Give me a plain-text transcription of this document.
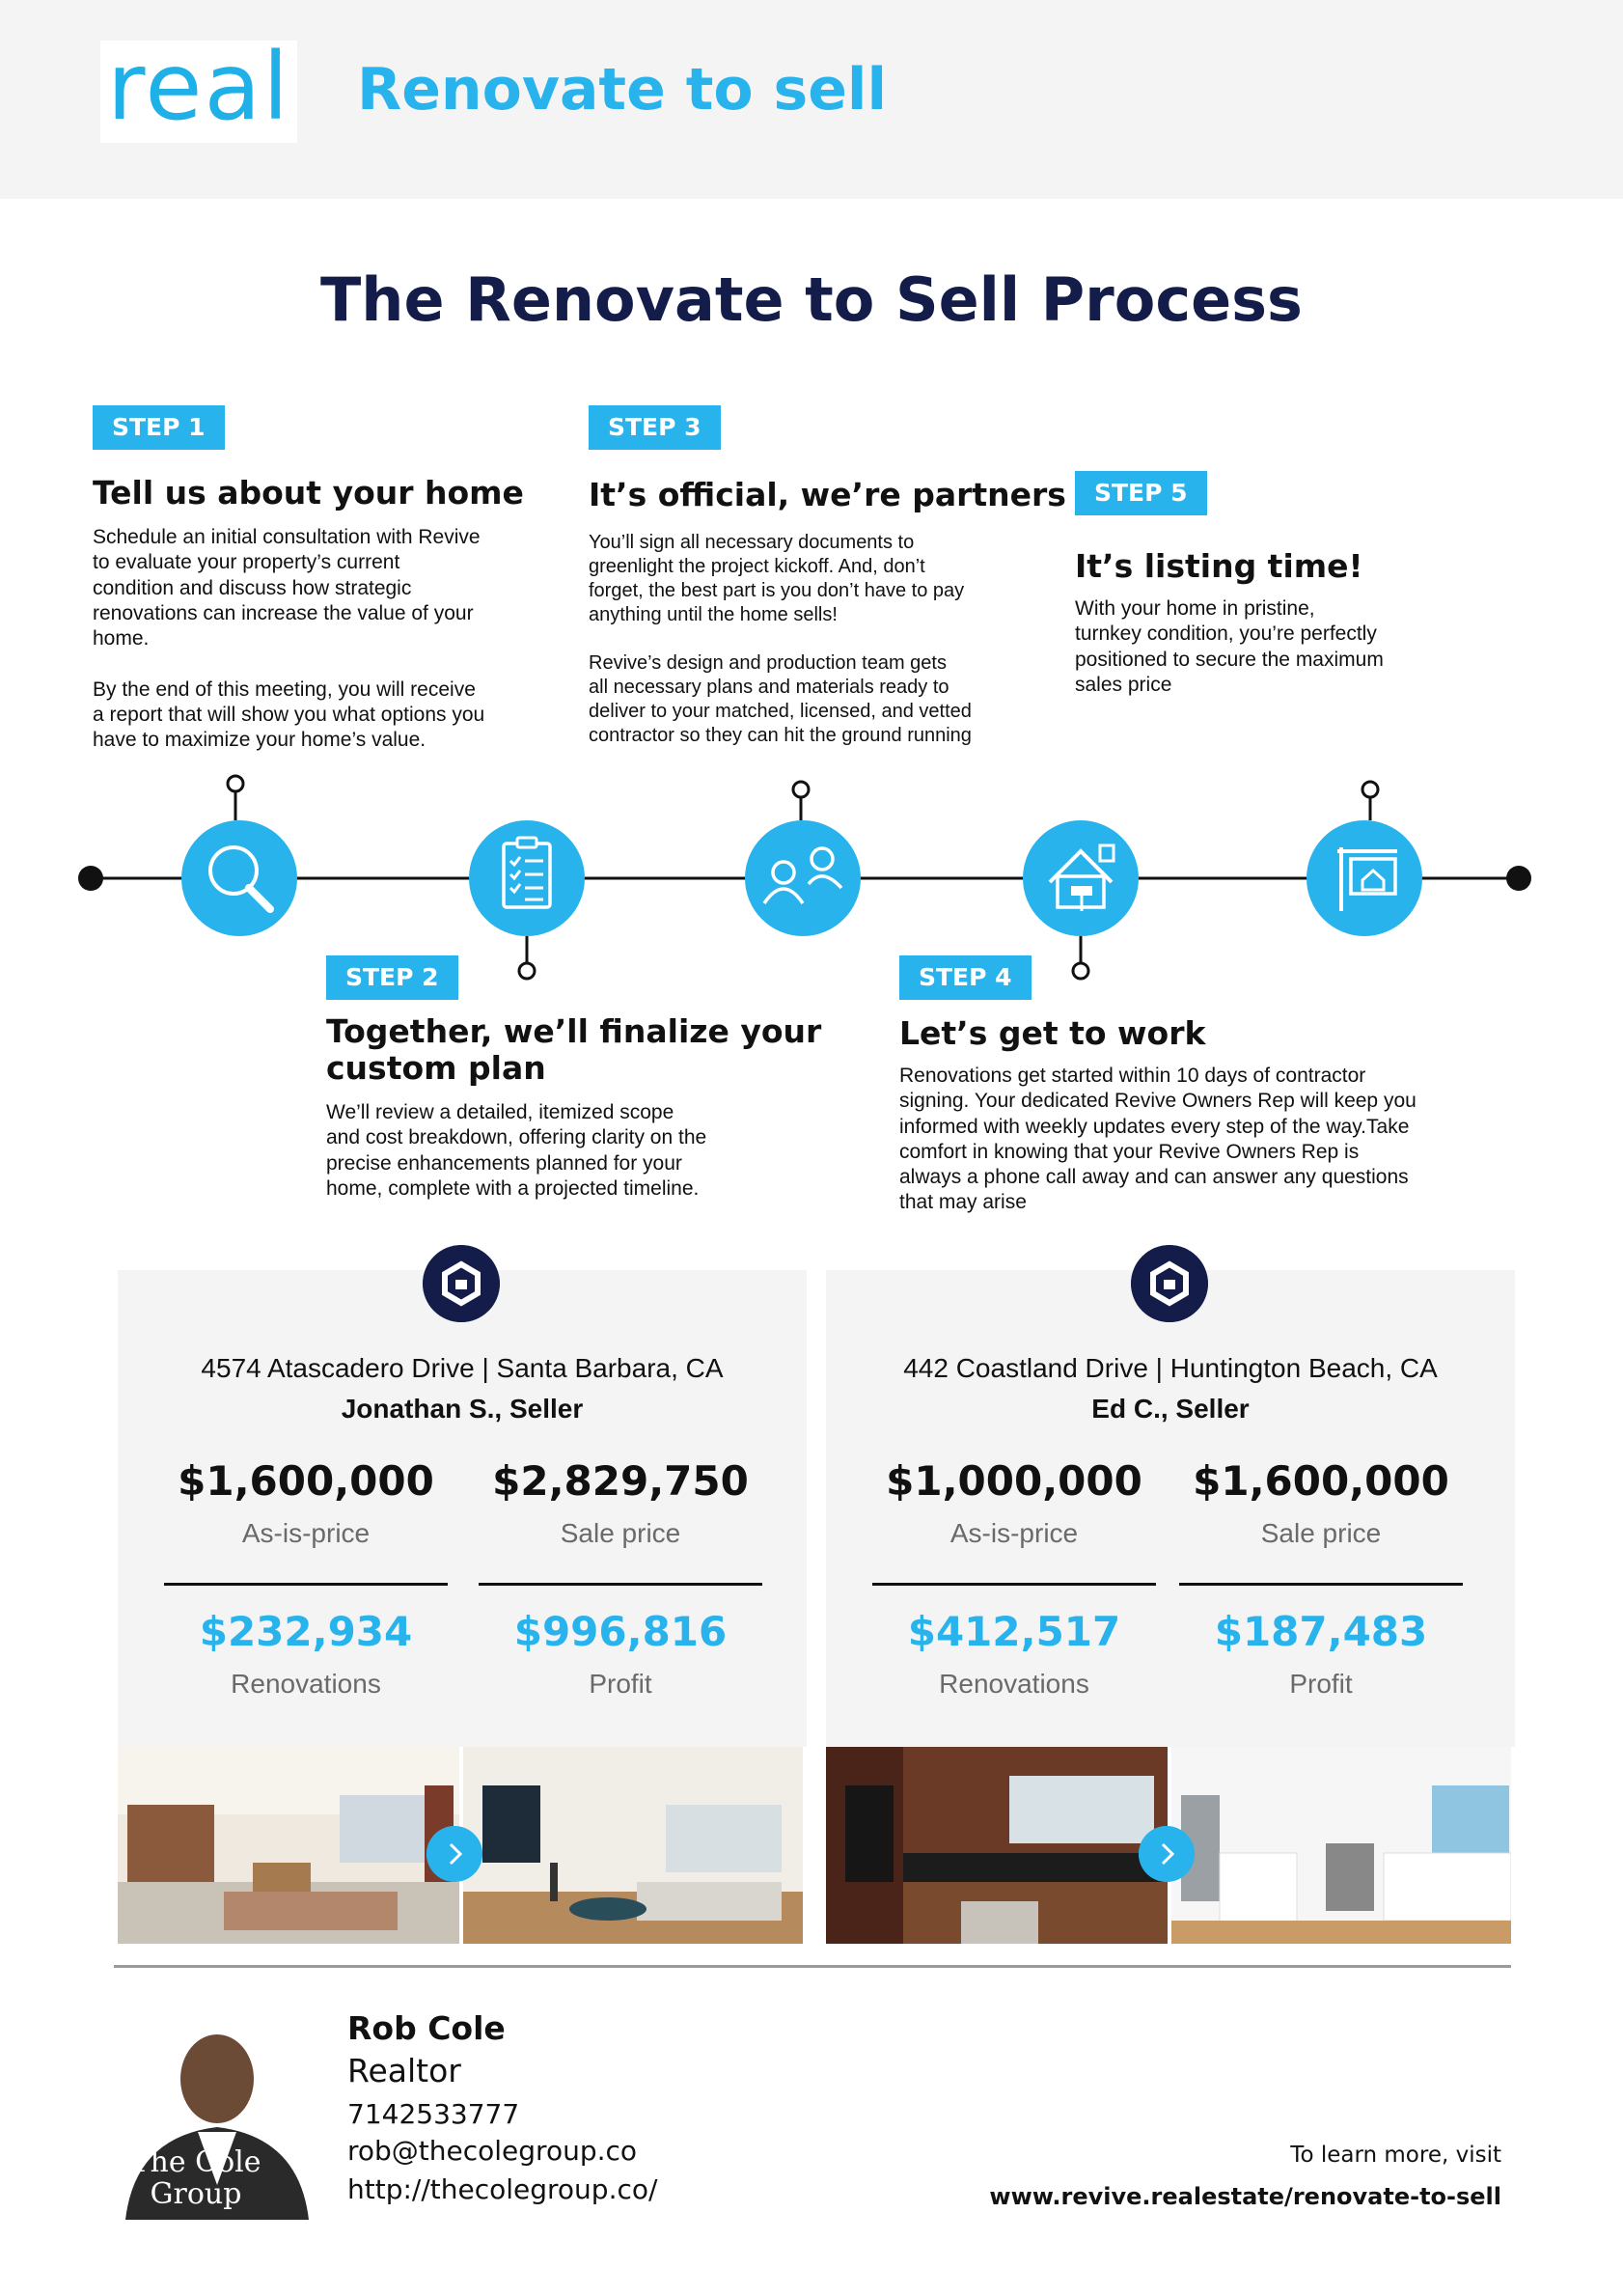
real Renovate to sell
The Renovate to Sell Process
STEP 1
Tell us about your home
Schedule an initial consultation with Revive
to evaluate your property’s current
condition and discuss how strategic
renovations can increase the value of your
home.

By the end of this meeting, you will receive
a report that will show you what options you
have to maximize your home’s value.
STEP 3
It’s official, we’re partners
You’ll sign all necessary documents to
greenlight the project kickoff. And, don’t
forget, the best part is you don’t have to pay
anything until the home sells!

Revive’s design and production team gets
all necessary plans and materials ready to
deliver to your matched, licensed, and vetted
contractor so they can hit the ground running
STEP 5
It’s listing time!
With your home in pristine,
turnkey condition, you’re perfectly
positioned to secure the maximum
sales price
STEP 2
Together, we’ll finalize your
custom plan
We’ll review a detailed, itemized scope
and cost breakdown, offering clarity on the
precise enhancements planned for your
home, complete with a projected timeline.
STEP 4
Let’s get to work
Renovations get started within 10 days of contractor
signing. Your dedicated Revive Owners Rep will keep you
informed with weekly updates every step of the way.Take
comfort in knowing that your Revive Owners Rep is
always a phone call away and can answer any questions
that may arise
4574 Atascadero Drive | Santa Barbara, CA
Jonathan S., Seller
$1,600,000
As-is-price
$2,829,750
Sale price
$232,934
Renovations
$996,816
Profit
442 Coastland Drive | Huntington Beach, CA
Ed C., Seller
$1,000,000
As-is-price
$1,600,000
Sale price
$412,517
Renovations
$187,483
Profit
The Cole Group
Rob Cole
Realtor
7142533777
rob@thecolegroup.co
http://thecolegroup.co/
To learn more, visit
www.revive.realestate/renovate-to-sell
